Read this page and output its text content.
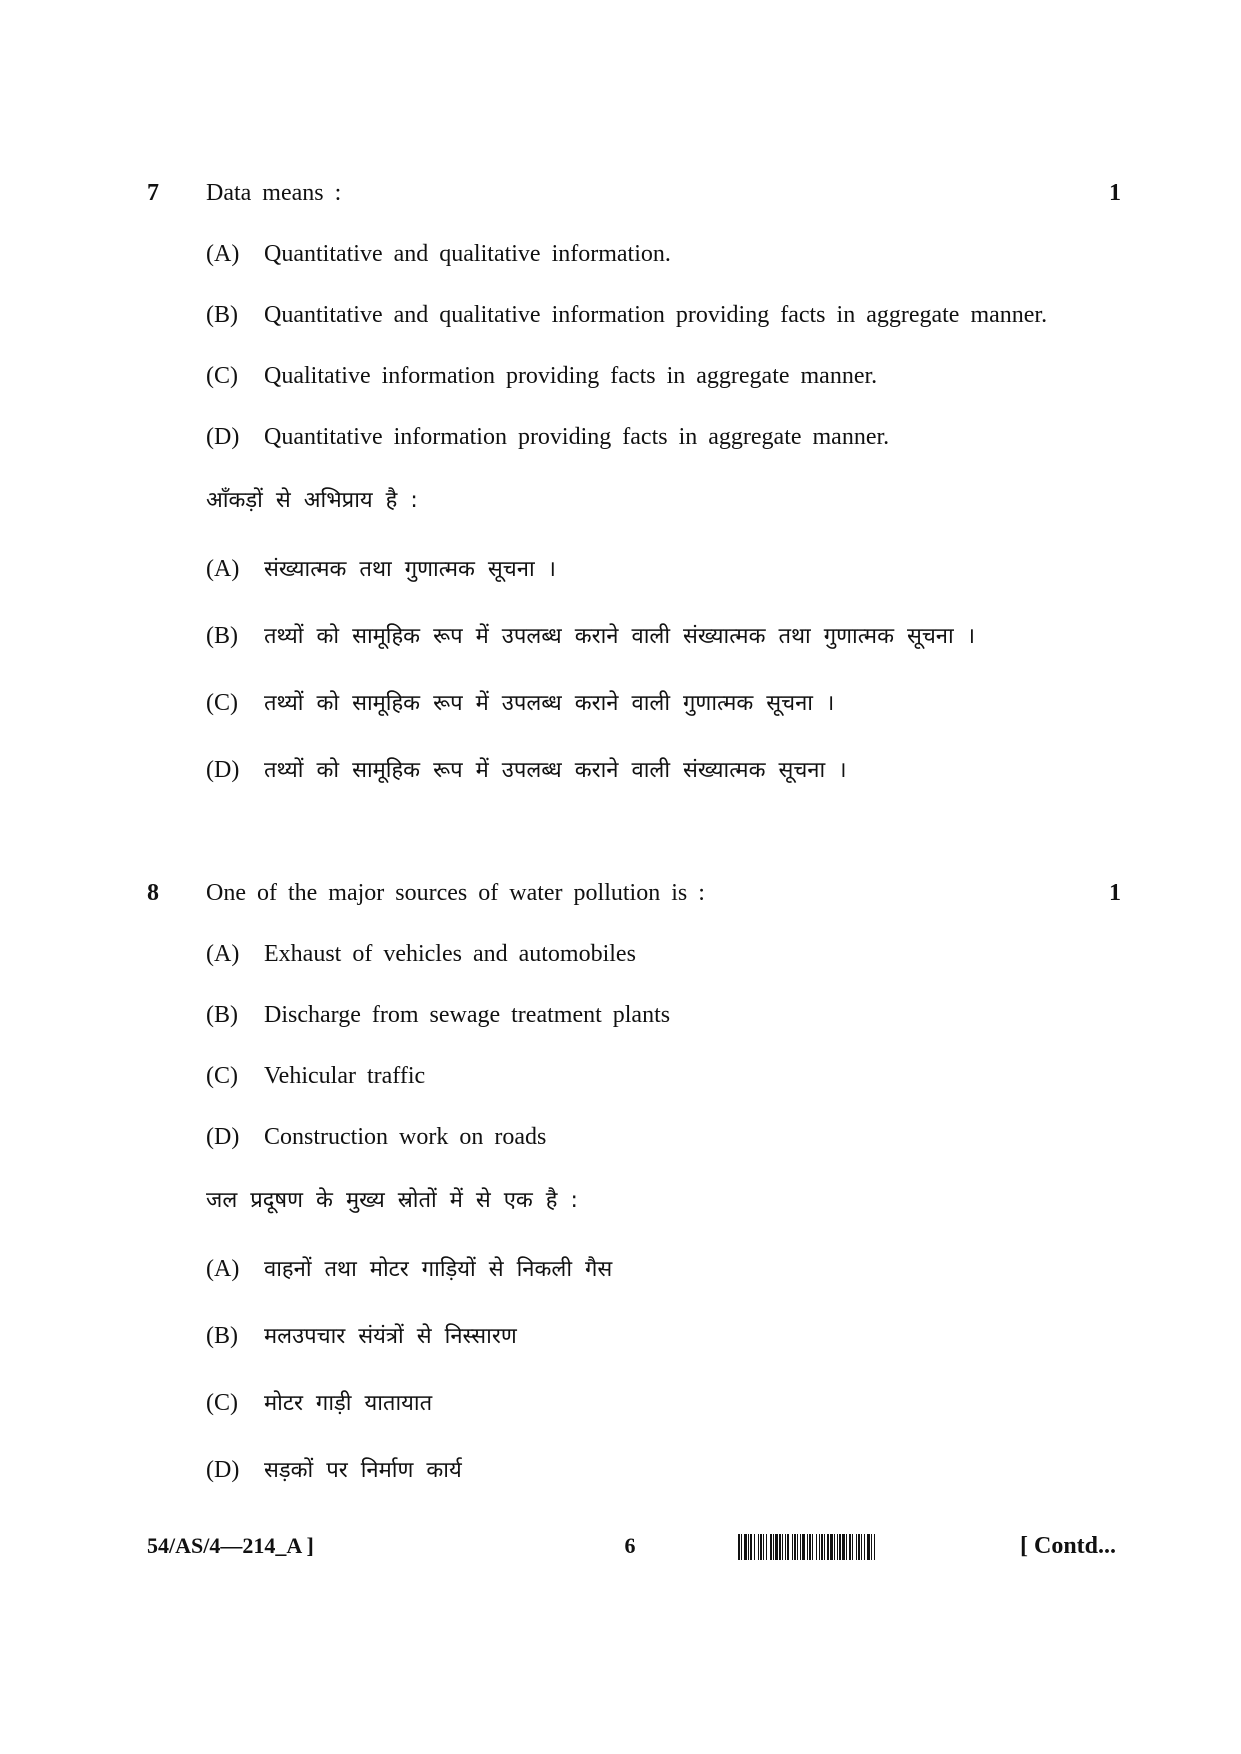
7 Data means :	1
(A) Quantitative and qualitative information.
(B) Quantitative and qualitative information providing facts in aggregate manner.
(C) Qualitative information providing facts in aggregate manner.
(D) Quantitative information providing facts in aggregate manner.
आँकड़ों से अभिप्राय है :
(A) संख्यात्मक तथा गुणात्मक सूचना ।
(B) तथ्यों को सामूहिक रूप में उपलब्ध कराने वाली संख्यात्मक तथा गुणात्मक सूचना ।
(C) तथ्यों को सामूहिक रूप में उपलब्ध कराने वाली गुणात्मक सूचना ।
(D) तथ्यों को सामूहिक रूप में उपलब्ध कराने वाली संख्यात्मक सूचना ।
8 One of the major sources of water pollution is :	1
(A) Exhaust of vehicles and automobiles
(B) Discharge from sewage treatment plants
(C) Vehicular traffic
(D) Construction work on roads
जल प्रदूषण के मुख्य स्रोतों में से एक है :
(A) वाहनों तथा मोटर गाड़ियों से निकली गैस
(B) मलउपचार संयंत्रों से निस्सारण
(C) मोटर गाड़ी यातायात
(D) सड़कों पर निर्माण कार्य
54/AS/4—214_A ]	6	[ Contd...
